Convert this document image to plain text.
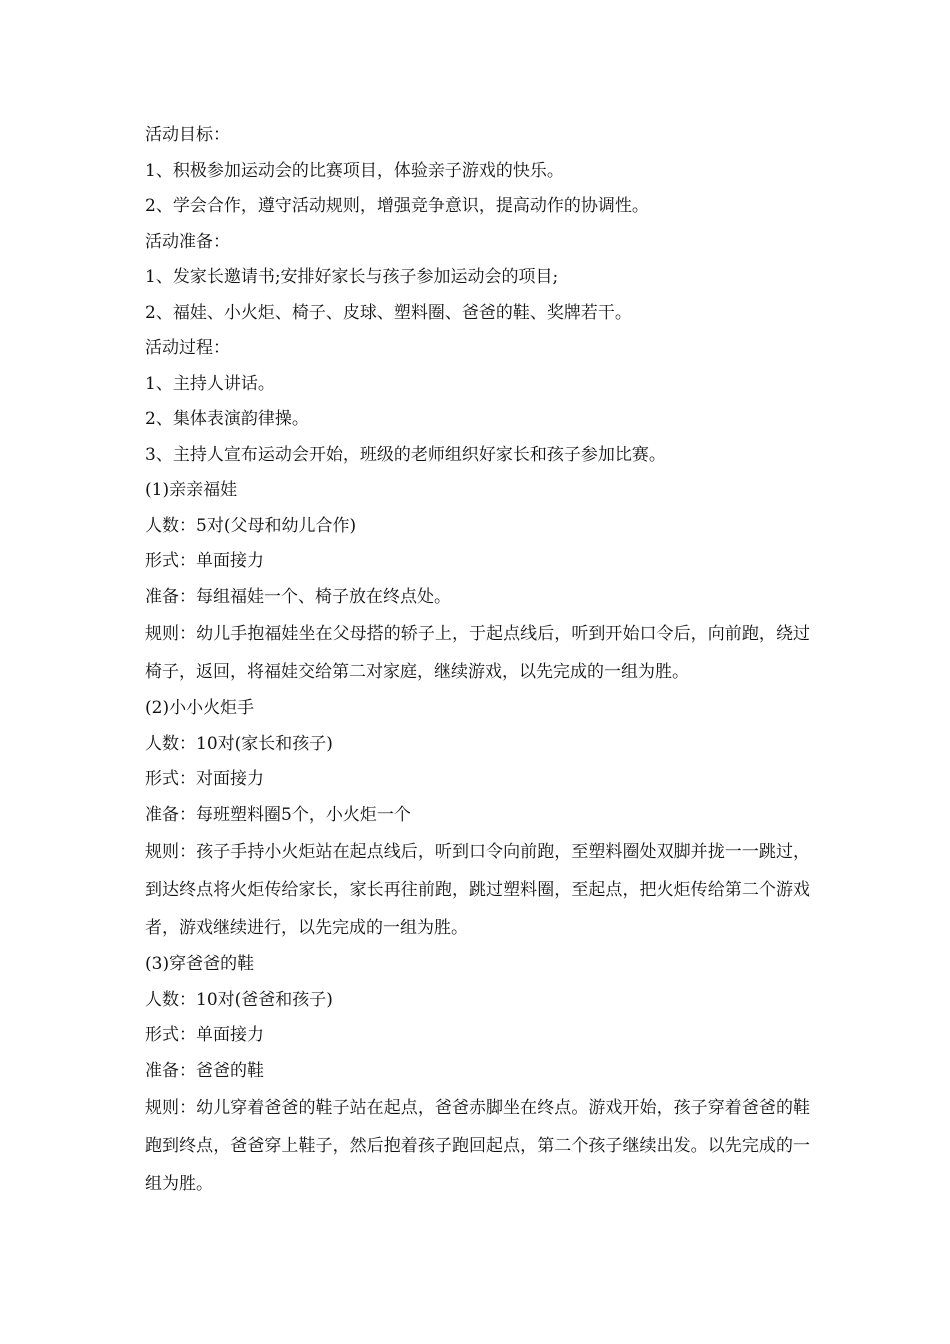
活动目标：
1、积极参加运动会的比赛项目，体验亲子游戏的快乐。
2、学会合作，遵守活动规则，增强竞争意识，提高动作的协调性。
活动准备：
1、发家长邀请书;安排好家长与孩子参加运动会的项目;
2、福娃、小火炬、椅子、皮球、塑料圈、爸爸的鞋、奖牌若干。
活动过程：
1、主持人讲话。
2、集体表演韵律操。
3、主持人宣布运动会开始，班级的老师组织好家长和孩子参加比赛。
(1)亲亲福娃
人数：5对(父母和幼儿合作)
形式：单面接力
准备：每组福娃一个、椅子放在终点处。

规则：幼儿手抱福娃坐在父母搭的轿子上，于起点线后，听到开始口令后，向前跑，绕过椅子，返回，将福娃交给第二对家庭，继续游戏，以先完成的一组为胜。

(2)小小火炬手
人数：10对(家长和孩子)
形式：对面接力
准备：每班塑料圈5个，小火炬一个

规则：孩子手持小火炬站在起点线后，听到口令向前跑，至塑料圈处双脚并拢一一跳过，到达终点将火炬传给家长，家长再往前跑，跳过塑料圈，至起点，把火炬传给第二个游戏者，游戏继续进行，以先完成的一组为胜。

(3)穿爸爸的鞋
人数：10对(爸爸和孩子)
形式：单面接力
准备：爸爸的鞋

规则：幼儿穿着爸爸的鞋子站在起点，爸爸赤脚坐在终点。游戏开始，孩子穿着爸爸的鞋跑到终点，爸爸穿上鞋子，然后抱着孩子跑回起点，第二个孩子继续出发。以先完成的一组为胜。
